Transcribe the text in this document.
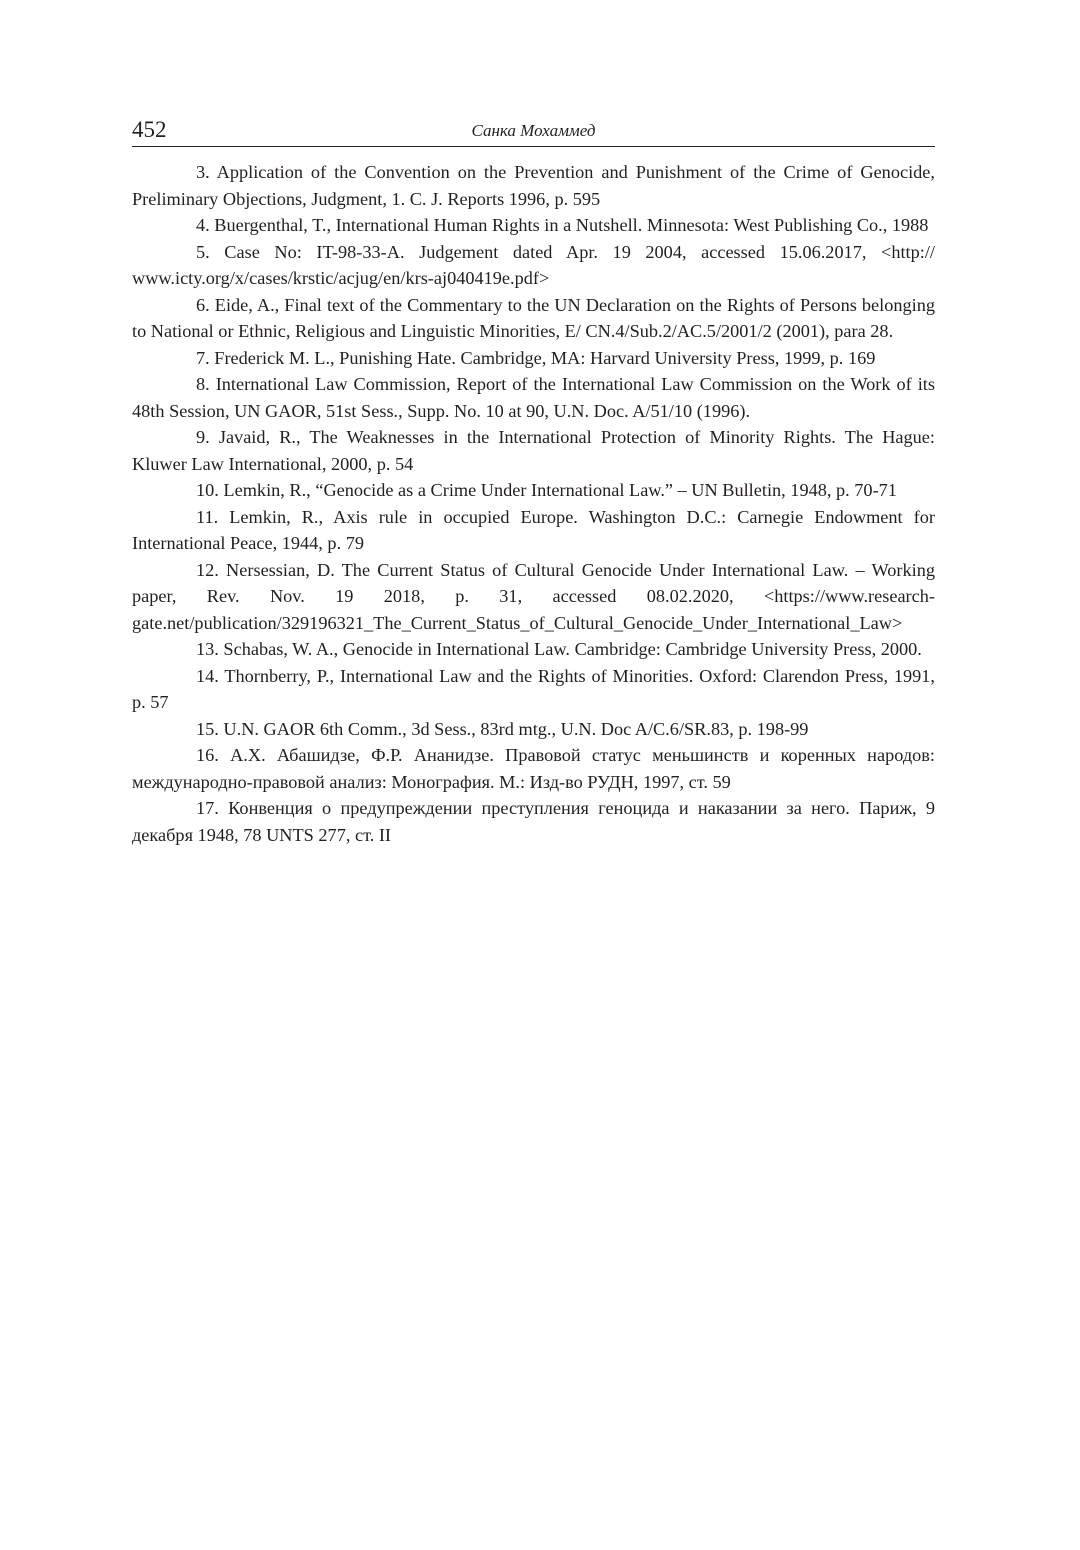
452	Санка Мохаммед

3. Application of the Convention on the Prevention and Punishment of the Crime of Genocide, Preliminary Objections, Judgment, 1. C. J. Reports 1996, p. 595

4. Buergenthal, T., International Human Rights in a Nutshell. Minnesota: West Publishing Co., 1988

5. Case No: IT-98-33-A. Judgement dated Apr. 19 2004, accessed 15.06.2017, <http://​www.icty.org/x/cases/krstic/acjug/en/krs-aj040419e.pdf>

6. Eide, A., Final text of the Commentary to the UN Declaration on the Rights of Persons belonging to National or Ethnic, Religious and Linguistic Minorities, E/ CN.4/Sub.2/​AC.5/2001/2 (2001), para 28.

7. Frederick M. L., Punishing Hate. Cambridge, MA: Harvard University Press, 1999, p. 169

8. International Law Commission, Report of the International Law Commission on the Work of its 48th Session, UN GAOR, 51st Sess., Supp. No. 10 at 90, U.N. Doc. A/51/10 (1996).

9. Javaid, R., The Weaknesses in the International Protection of Minority Rights. The Hague: Kluwer Law International, 2000, p. 54

10. Lemkin, R., “Genocide as a Crime Under International Law.” – UN Bulletin, 1948, p. 70-71

11. Lemkin, R., Axis rule in occupied Europe. Washington D.C.: Carnegie Endowment for International Peace, 1944, p. 79

12. Nersessian, D. The Current Status of Cultural Genocide Under International Law. – Working paper, Rev. Nov. 19 2018, p. 31, accessed 08.02.2020, <https://www.researchgate.net/publication/329196321_The_Current_Status_of_Cultural_Genocide_Under_International_Law>

13. Schabas, W. A., Genocide in International Law. Cambridge: Cambridge University Press, 2000.

14. Thornberry, P., International Law and the Rights of Minorities. Oxford: Clarendon Press, 1991, p. 57

15. U.N. GAOR 6th Comm., 3d Sess., 83rd mtg., U.N. Doc A/C.6/SR.83, p. 198-99

16. А.Х. Абашидзе, Ф.Р. Ананидзе. Правовой статус меньшинств и коренных народов: международно-правовой анализ: Монография. М.: Изд-во РУДН, 1997, ст. 59

17. Конвенция о предупреждении преступления геноцида и наказании за него. Париж, 9 декабря 1948, 78 UNTS 277, ст. II
